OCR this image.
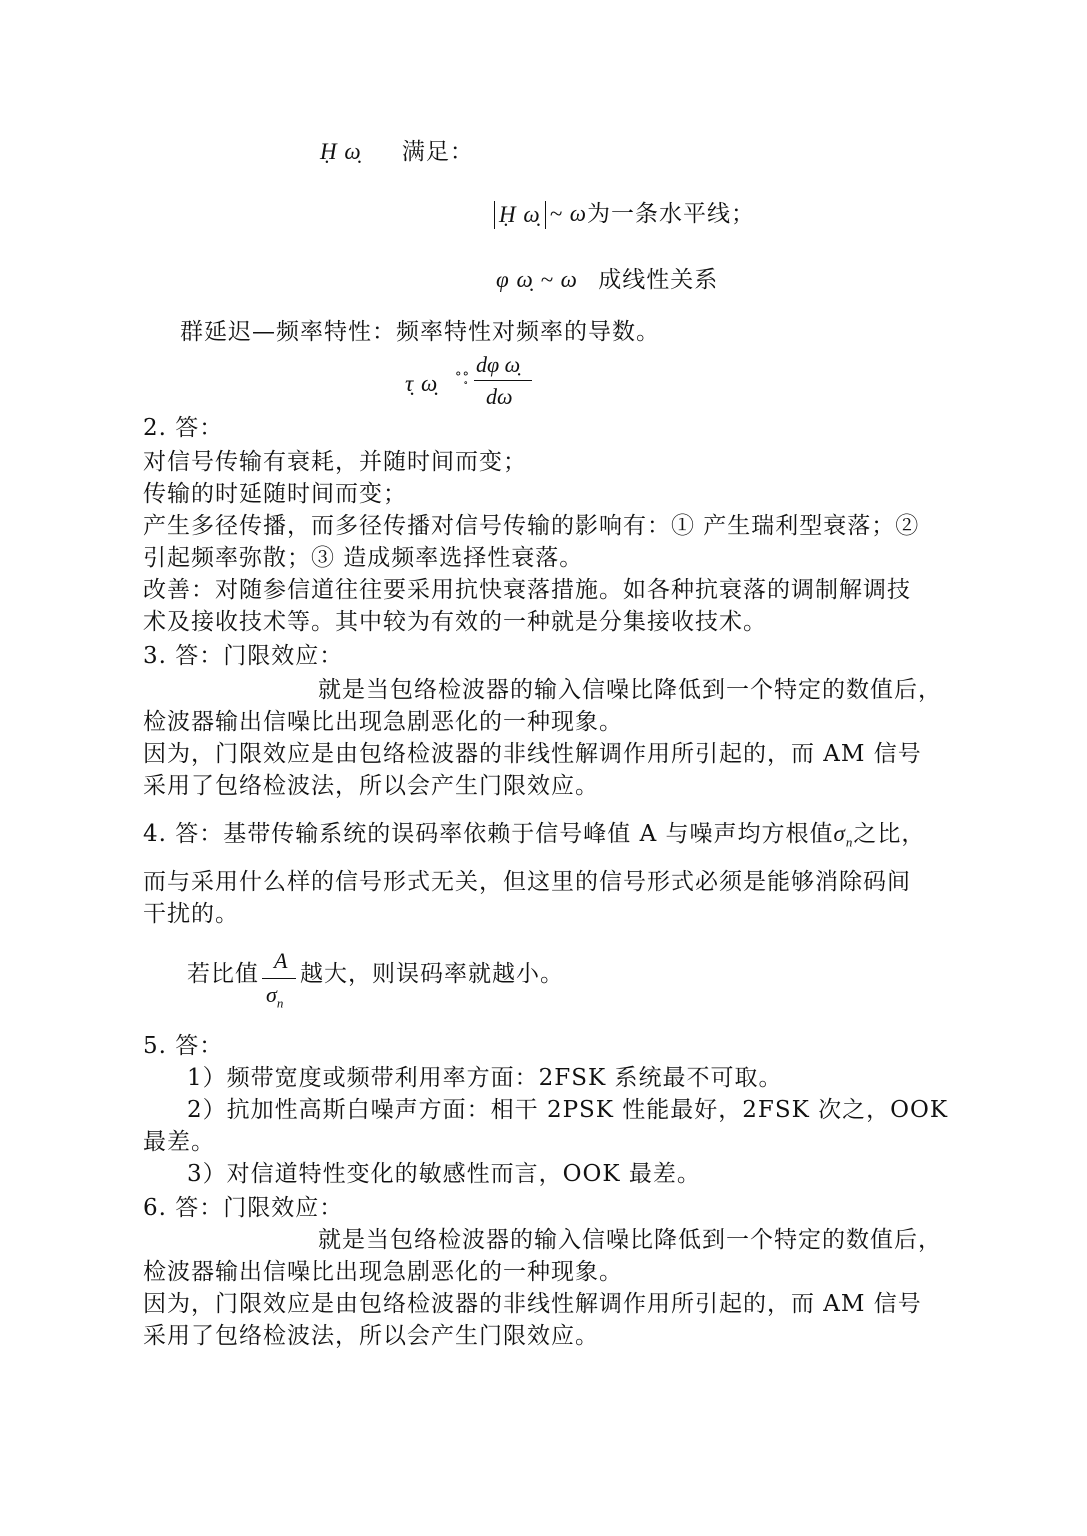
Ḥ ω̣ 满足：
Ḥ ω̣ ~ ω为一条水平线；
φ ω̣ ~ ω 成线性关系
群延迟—频率特性：频率特性对频率的导数。
τ̣ ω̣ °°̥
dφ ω̣
dω
2. 答：
对信号传输有衰耗，并随时间而变；
传输的时延随时间而变；
产生多径传播，而多径传播对信号传输的影响有：① 产生瑞利型衰落；②
引起频率弥散；③ 造成频率选择性衰落。
改善：对随参信道往往要采用抗快衰落措施。如各种抗衰落的调制解调技
术及接收技术等。其中较为有效的一种就是分集接收技术。
3. 答：门限效应：
就是当包络检波器的输入信噪比降低到一个特定的数值后，
检波器输出信噪比出现急剧恶化的一种现象。
因为，门限效应是由包络检波器的非线性解调作用所引起的，而 AM 信号
采用了包络检波法，所以会产生门限效应。
4. 答：基带传输系统的误码率依赖于信号峰值 A 与噪声均方根值$\sigma_n$之比，
而与采用什么样的信号形式无关，但这里的信号形式必须是能够消除码间
干扰的。
若比值
A
$\sigma_n$
越大，则误码率就越小。
5. 答：
1）频带宽度或频带利用率方面：2FSK 系统最不可取。
2）抗加性高斯白噪声方面：相干 2PSK 性能最好，2FSK 次之，OOK
最差。
3）对信道特性变化的敏感性而言，OOK 最差。
6. 答：门限效应：
就是当包络检波器的输入信噪比降低到一个特定的数值后，
检波器输出信噪比出现急剧恶化的一种现象。
因为，门限效应是由包络检波器的非线性解调作用所引起的，而 AM 信号
采用了包络检波法，所以会产生门限效应。
